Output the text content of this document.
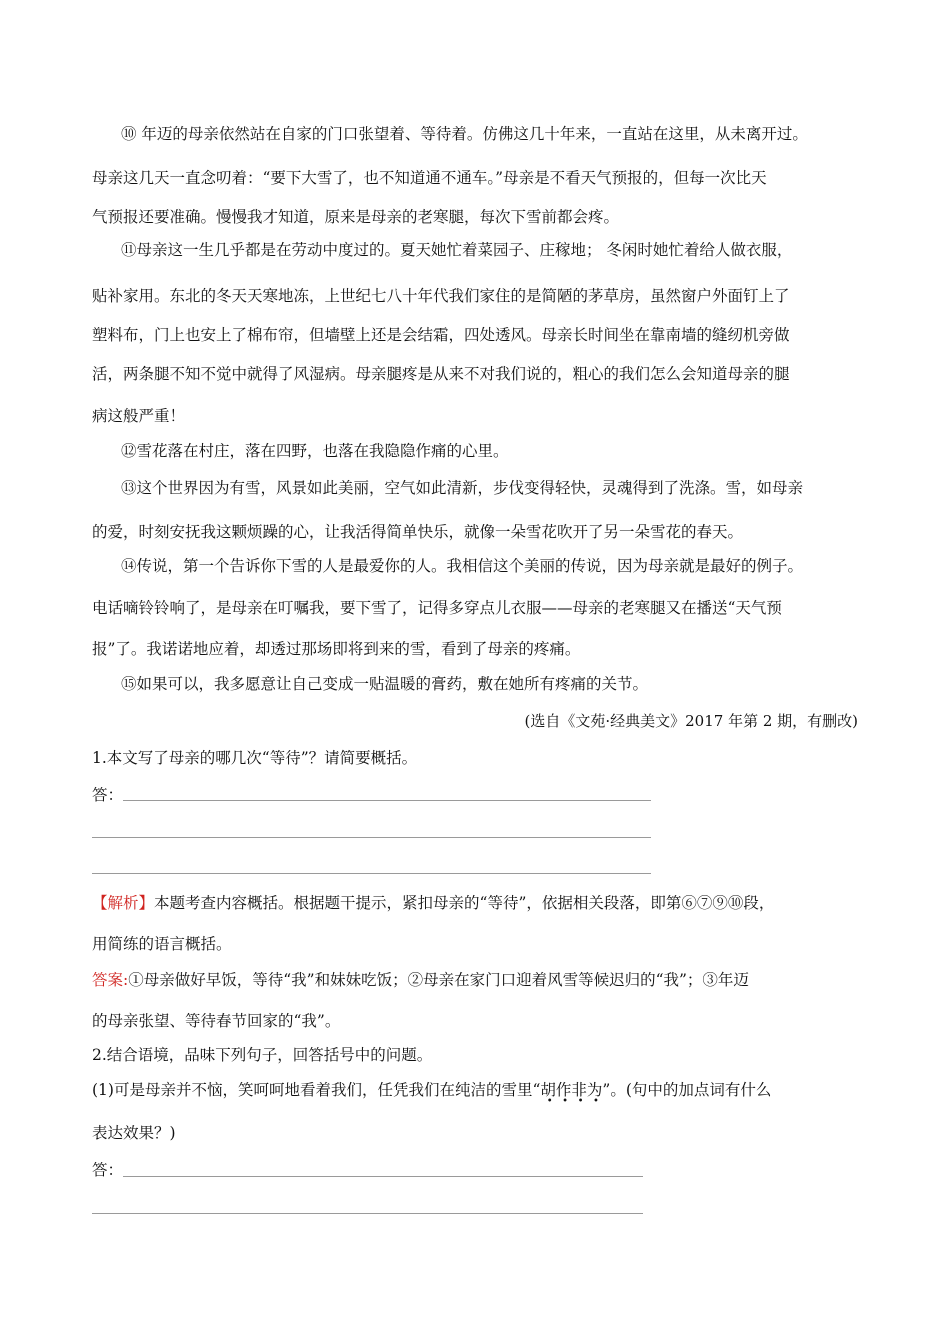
⑩ 年迈的母亲依然站在自家的门口张望着、等待着。仿佛这几十年来，一直站在这里，从未离开过。
母亲这几天一直念叨着：“要下大雪了，也不知道通不通车。”母亲是不看天气预报的，但每一次比天
气预报还要准确。慢慢我才知道，原来是母亲的老寒腿，每次下雪前都会疼。
⑪母亲这一生几乎都是在劳动中度过的。夏天她忙着菜园子、庄稼地； 冬闲时她忙着给人做衣服，
贴补家用。东北的冬天天寒地冻，上世纪七八十年代我们家住的是简陋的茅草房，虽然窗户外面钉上了
塑料布，门上也安上了棉布帘，但墙壁上还是会结霜，四处透风。母亲长时间坐在靠南墙的缝纫机旁做
活，两条腿不知不觉中就得了风湿病。母亲腿疼是从来不对我们说的，粗心的我们怎么会知道母亲的腿
病这般严重！
⑫雪花落在村庄，落在四野，也落在我隐隐作痛的心里。
⑬这个世界因为有雪，风景如此美丽，空气如此清新，步伐变得轻快，灵魂得到了洗涤。雪，如母亲
的爱，时刻安抚我这颗烦躁的心，让我活得简单快乐，就像一朵雪花吹开了另一朵雪花的春天。
⑭传说，第一个告诉你下雪的人是最爱你的人。我相信这个美丽的传说，因为母亲就是最好的例子。
电话嘀铃铃响了，是母亲在叮嘱我，要下雪了，记得多穿点儿衣服——母亲的老寒腿又在播送“天气预
报”了。我诺诺地应着，却透过那场即将到来的雪，看到了母亲的疼痛。
⑮如果可以，我多愿意让自己变成一贴温暖的膏药，敷在她所有疼痛的关节。
(选自《文苑·经典美文》2017 年第 2 期，有删改)
1.本文写了母亲的哪几次“等待”？请简要概括。
答：
【解析】本题考查内容概括。根据题干提示，紧扣母亲的“等待”，依据相关段落，即第⑥⑦⑨⑩段，
用简练的语言概括。
答案:①母亲做好早饭，等待“我”和妹妹吃饭；②母亲在家门口迎着风雪等候迟归的“我”；③年迈
的母亲张望、等待春节回家的“我”。
2.结合语境，品味下列句子，回答括号中的问题。
(1)可是母亲并不恼，笑呵呵地看着我们，任凭我们在纯洁的雪里“胡作非为
•   •   •   •
”。(句中的加点词有什么
表达效果？)
答：
